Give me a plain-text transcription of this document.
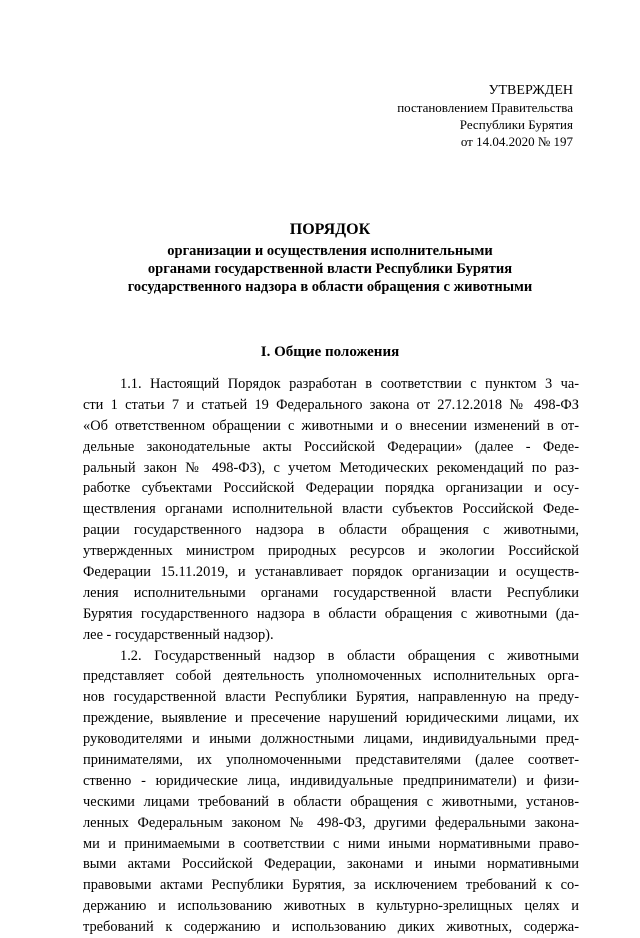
УТВЕРЖДЕН
постановлением Правительства
Республики Бурятия
от 14.04.2020 № 197
ПОРЯДОК
организации и осуществления исполнительными
органами государственной власти Республики Бурятия
государственного надзора в области обращения с животными
I. Общие положения
1.1. Настоящий Порядок разработан в соответствии с пунктом 3 ча-
сти 1 статьи 7 и статьей 19 Федерального закона от 27.12.2018 № 498-ФЗ
«Об ответственном обращении с животными и о внесении изменений в от-
дельные законодательные акты Российской Федерации» (далее - Феде-
ральный закон № 498-ФЗ), с учетом Методических рекомендаций по раз-
работке субъектами Российской Федерации порядка организации и осу-
ществления органами исполнительной власти субъектов Российской Феде-
рации государственного надзора в области обращения с животными,
утвержденных министром природных ресурсов и экологии Российской
Федерации 15.11.2019, и устанавливает порядок организации и осуществ-
ления исполнительными органами государственной власти Республики
Бурятия государственного надзора в области обращения с животными (да-
лее - государственный надзор).
1.2. Государственный надзор в области обращения с животными
представляет собой деятельность уполномоченных исполнительных орга-
нов государственной власти Республики Бурятия, направленную на преду-
преждение, выявление и пресечение нарушений юридическими лицами, их
руководителями и иными должностными лицами, индивидуальными пред-
принимателями, их уполномоченными представителями (далее соответ-
ственно - юридические лица, индивидуальные предприниматели) и физи-
ческими лицами требований в области обращения с животными, установ-
ленных Федеральным законом № 498-ФЗ, другими федеральными закона-
ми и принимаемыми в соответствии с ними иными нормативными право-
выми актами Российской Федерации, законами и иными нормативными
правовыми актами Республики Бурятия, за исключением требований к со-
держанию и использованию животных в культурно-зрелищных целях и
требований к содержанию и использованию диких животных, содержа-
